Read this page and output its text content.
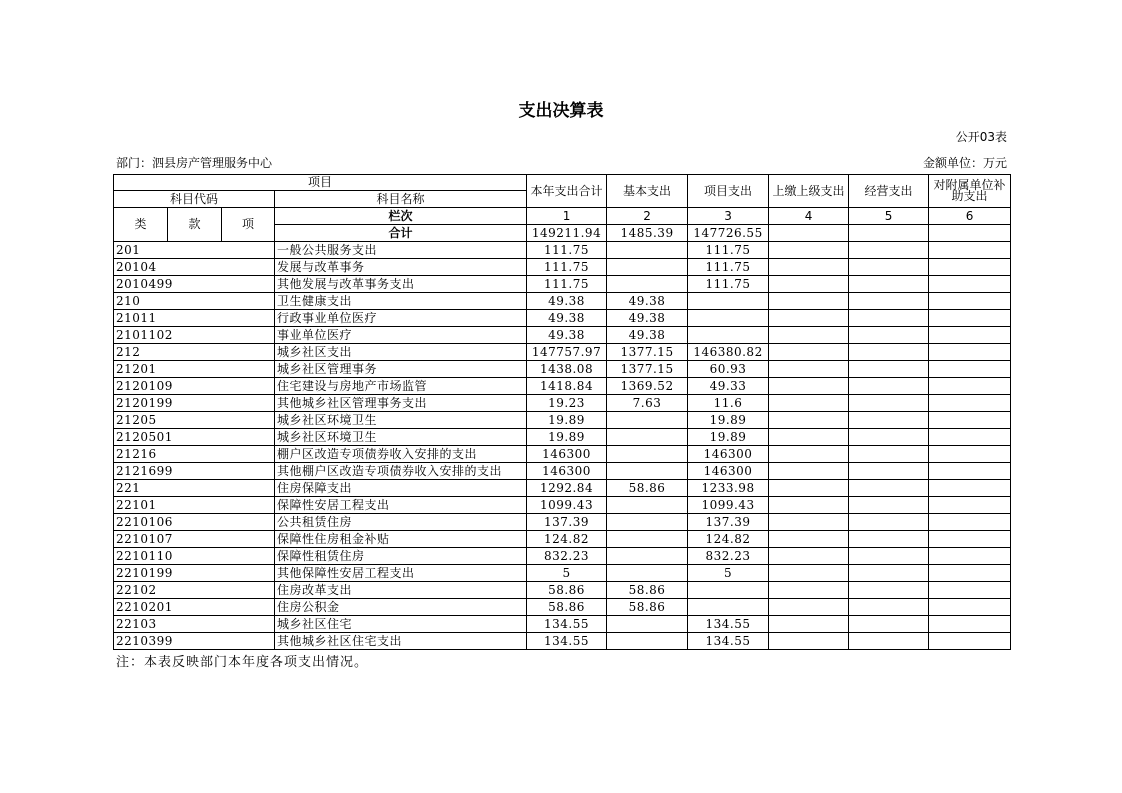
支出决算表
公开03表
部门：泗县房产管理服务中心	金额单位：万元
项目				本年支出合计	基本支出	项目支出	上缴上级支出	经营支出	对附属单位补助支出
科目代码			科目名称						
类	款	项	栏次	1	2	3	4	5	6
			合计	149211.94	1485.39	147726.55			
201			一般公共服务支出	111.75		111.75			
20104			发展与改革事务	111.75		111.75			
2010499			其他发展与改革事务支出	111.75		111.75			
210			卫生健康支出	49.38	49.38				
21011			行政事业单位医疗	49.38	49.38				
2101102			事业单位医疗	49.38	49.38				
212			城乡社区支出	147757.97	1377.15	146380.82			
21201			城乡社区管理事务	1438.08	1377.15	60.93			
2120109			住宅建设与房地产市场监管	1418.84	1369.52	49.33			
2120199			其他城乡社区管理事务支出	19.23	7.63	11.6			
21205			城乡社区环境卫生	19.89		19.89			
2120501			城乡社区环境卫生	19.89		19.89			
21216			棚户区改造专项债券收入安排的支出	146300		146300			
2121699			其他棚户区改造专项债券收入安排的支出	146300		146300			
221			住房保障支出	1292.84	58.86	1233.98			
22101			保障性安居工程支出	1099.43		1099.43			
2210106			公共租赁住房	137.39		137.39			
2210107			保障性住房租金补贴	124.82		124.82			
2210110			保障性租赁住房	832.23		832.23			
2210199			其他保障性安居工程支出	5		5			
22102			住房改革支出	58.86	58.86				
2210201			住房公积金	58.86	58.86				
22103			城乡社区住宅	134.55		134.55			
2210399			其他城乡社区住宅支出	134.55		134.55			
注：本表反映部门本年度各项支出情况。
